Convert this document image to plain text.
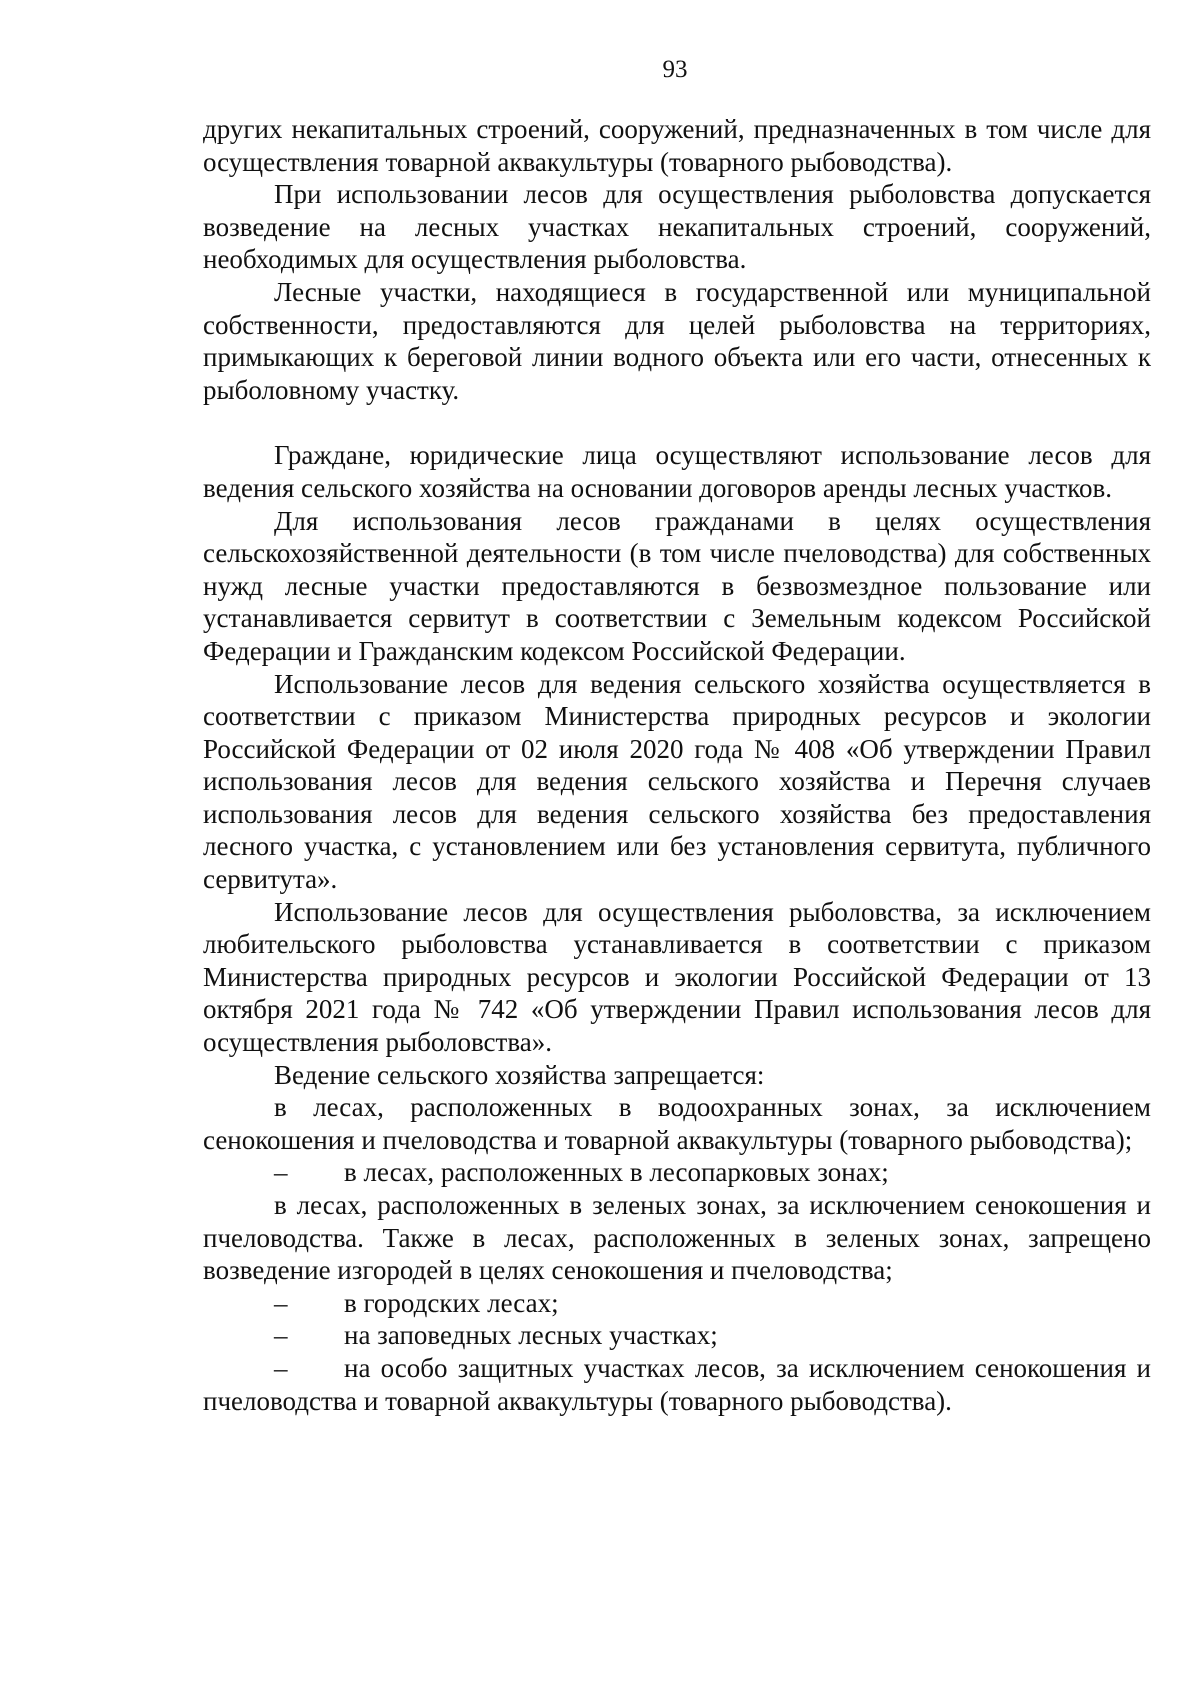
93

других некапитальных строений, сооружений, предназначенных в том числе для осуществления товарной аквакультуры (товарного рыбоводства).

При использовании лесов для осуществления рыболовства допускается возведение на лесных участках некапитальных строений, сооружений, необходимых для осуществления рыболовства.

Лесные участки, находящиеся в государственной или муниципальной собственности, предоставляются для целей рыболовства на территориях, примыкающих к береговой линии водного объекта или его части, отнесенных к рыболовному участку.

Граждане, юридические лица осуществляют использование лесов для ведения сельского хозяйства на основании договоров аренды лесных участков.

Для использования лесов гражданами в целях осуществления сельскохозяйственной деятельности (в том числе пчеловодства) для собственных нужд лесные участки предоставляются в безвозмездное пользование или устанавливается сервитут в соответствии с Земельным кодексом Российской Федерации и Гражданским кодексом Российской Федерации.

Использование лесов для ведения сельского хозяйства осуществляется в соответствии с приказом Министерства природных ресурсов и экологии Российской Федерации от 02 июля 2020 года № 408 «Об утверждении Правил использования лесов для ведения сельского хозяйства и Перечня случаев использования лесов для ведения сельского хозяйства без предоставления лесного участка, с установлением или без установления сервитута, публичного сервитута».

Использование лесов для осуществления рыболовства, за исключением любительского рыболовства устанавливается в соответствии с приказом Министерства природных ресурсов и экологии Российской Федерации от 13 октября 2021 года № 742 «Об утверждении Правил использования лесов для осуществления рыболовства».

Ведение сельского хозяйства запрещается:

в лесах, расположенных в водоохранных зонах, за исключением сенокошения и пчеловодства и товарной аквакультуры (товарного рыбоводства);

– в лесах, расположенных в лесопарковых зонах;

в лесах, расположенных в зеленых зонах, за исключением сенокошения и пчеловодства. Также в лесах, расположенных в зеленых зонах, запрещено возведение изгородей в целях сенокошения и пчеловодства;

– в городских лесах;

– на заповедных лесных участках;

– на особо защитных участках лесов, за исключением сенокошения и пчеловодства и товарной аквакультуры (товарного рыбоводства).
